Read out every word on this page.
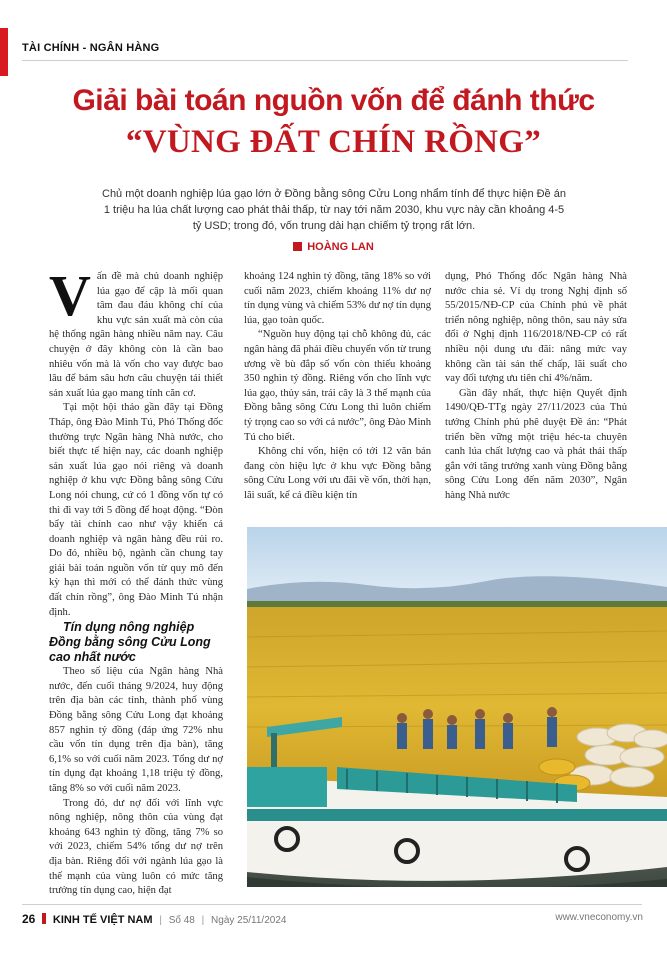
TÀI CHÍNH - NGÂN HÀNG
Giải bài toán nguồn vốn để đánh thức
“VÙNG ĐẤT CHÍN RỒNG”
Chủ một doanh nghiệp lúa gạo lớn ở Đồng bằng sông Cửu Long nhẩm tính để thực hiện Đề án 1 triệu ha lúa chất lượng cao phát thải thấp, từ nay tới năm 2030, khu vực này cần khoảng 4-5 tỷ USD; trong đó, vốn trung dài hạn chiếm tỷ trọng rất lớn.
HOÀNG LAN

Vấn đề mà chủ doanh nghiệp lúa gạo để cập là mối quan tâm đau đáu không chỉ của khu vực sản xuất mà còn của hệ thống ngân hàng nhiều năm nay. Câu chuyện ở đây không còn là cần bao nhiêu vốn mà là vốn cho vay được bao lâu để bám sâu hơn câu chuyện tái thiết sản xuất lúa gạo mang tính căn cơ.

Tại một hội thảo gần đây tại Đồng Tháp, ông Đào Minh Tú, Phó Thống đốc thường trực Ngân hàng Nhà nước, cho biết thực tế hiện nay, các doanh nghiệp sản xuất lúa gạo nói riêng và doanh nghiệp ở khu vực Đồng bằng sông Cửu Long nói chung, cứ có 1 đồng vốn tự có thì đi vay tới 5 đồng để hoạt động. “Đòn bẩy tài chính cao như vậy khiến cả doanh nghiệp và ngân hàng đều rủi ro. Do đó, nhiều bộ, ngành cần chung tay giải bài toán nguồn vốn từ quy mô đến kỳ hạn thì mới có thể đánh thức vùng đất chín rồng”, ông Đào Minh Tú nhận định.

Tín dụng nông nghiệp Đồng bằng sông Cửu Long cao nhất nước

Theo số liệu của Ngân hàng Nhà nước, đến cuối tháng 9/2024, huy động trên địa bàn các tỉnh, thành phố vùng Đồng bằng sông Cửu Long đạt khoảng 857 nghìn tỷ đồng (đáp ứng 72% nhu cầu vốn tín dụng trên địa bàn), tăng 6,1% so với cuối năm 2023. Tổng dư nợ tín dụng đạt khoảng 1,18 triệu tỷ đồng, tăng 8% so với cuối năm 2023.

Trong đó, dư nợ đối với lĩnh vực nông nghiệp, nông thôn của vùng đạt khoảng 643 nghìn tỷ đồng, tăng 7% so với 2023, chiếm 54% tổng dư nợ trên địa bàn. Riêng đối với ngành lúa gạo là thế mạnh của vùng luôn có mức tăng trưởng tín dụng cao, hiện đạt

khoảng 124 nghìn tỷ đồng, tăng 18% so với cuối năm 2023, chiếm khoảng 11% dư nợ tín dụng vùng và chiếm 53% dư nợ tín dụng lúa, gạo toàn quốc.

“Nguồn huy động tại chỗ không đủ, các ngân hàng đã phải điều chuyển vốn từ trung ương về bù đắp số vốn còn thiếu khoảng 350 nghìn tỷ đồng. Riêng vốn cho lĩnh vực lúa gạo, thủy sản, trái cây là 3 thế mạnh của Đồng bằng sông Cửu Long thì luôn chiếm tỷ trọng cao so với cả nước”, ông Đào Minh Tú cho biết.

Không chỉ vốn, hiện có tới 12 văn bản đang còn hiệu lực ở khu vực Đồng bằng sông Cửu Long với ưu đãi về vốn, thời hạn, lãi suất, kể cả điều kiện tín

dụng, Phó Thống đốc Ngân hàng Nhà nước chia sẻ. Ví dụ trong Nghị định số 55/2015/NĐ-CP của Chính phủ về phát triển nông nghiệp, nông thôn, sau này sửa đổi ở Nghị định 116/2018/NĐ-CP có rất nhiều nội dung ưu đãi: nâng mức vay không cần tài sản thế chấp, lãi suất cho vay đối tượng ưu tiên chỉ 4%/năm.

Gần đây nhất, thực hiện Quyết định 1490/QĐ-TTg ngày 27/11/2023 của Thủ tướng Chính phủ phê duyệt Đề án: “Phát triển bền vững một triệu héc-ta chuyên canh lúa chất lượng cao và phát thải thấp gắn với tăng trưởng xanh vùng Đồng bằng sông Cửu Long đến năm 2030”, Ngân hàng Nhà nước

26 KINH TẾ VIỆT NAM | Số 48 | Ngày 25/11/2024	www.vneconomy.vn
